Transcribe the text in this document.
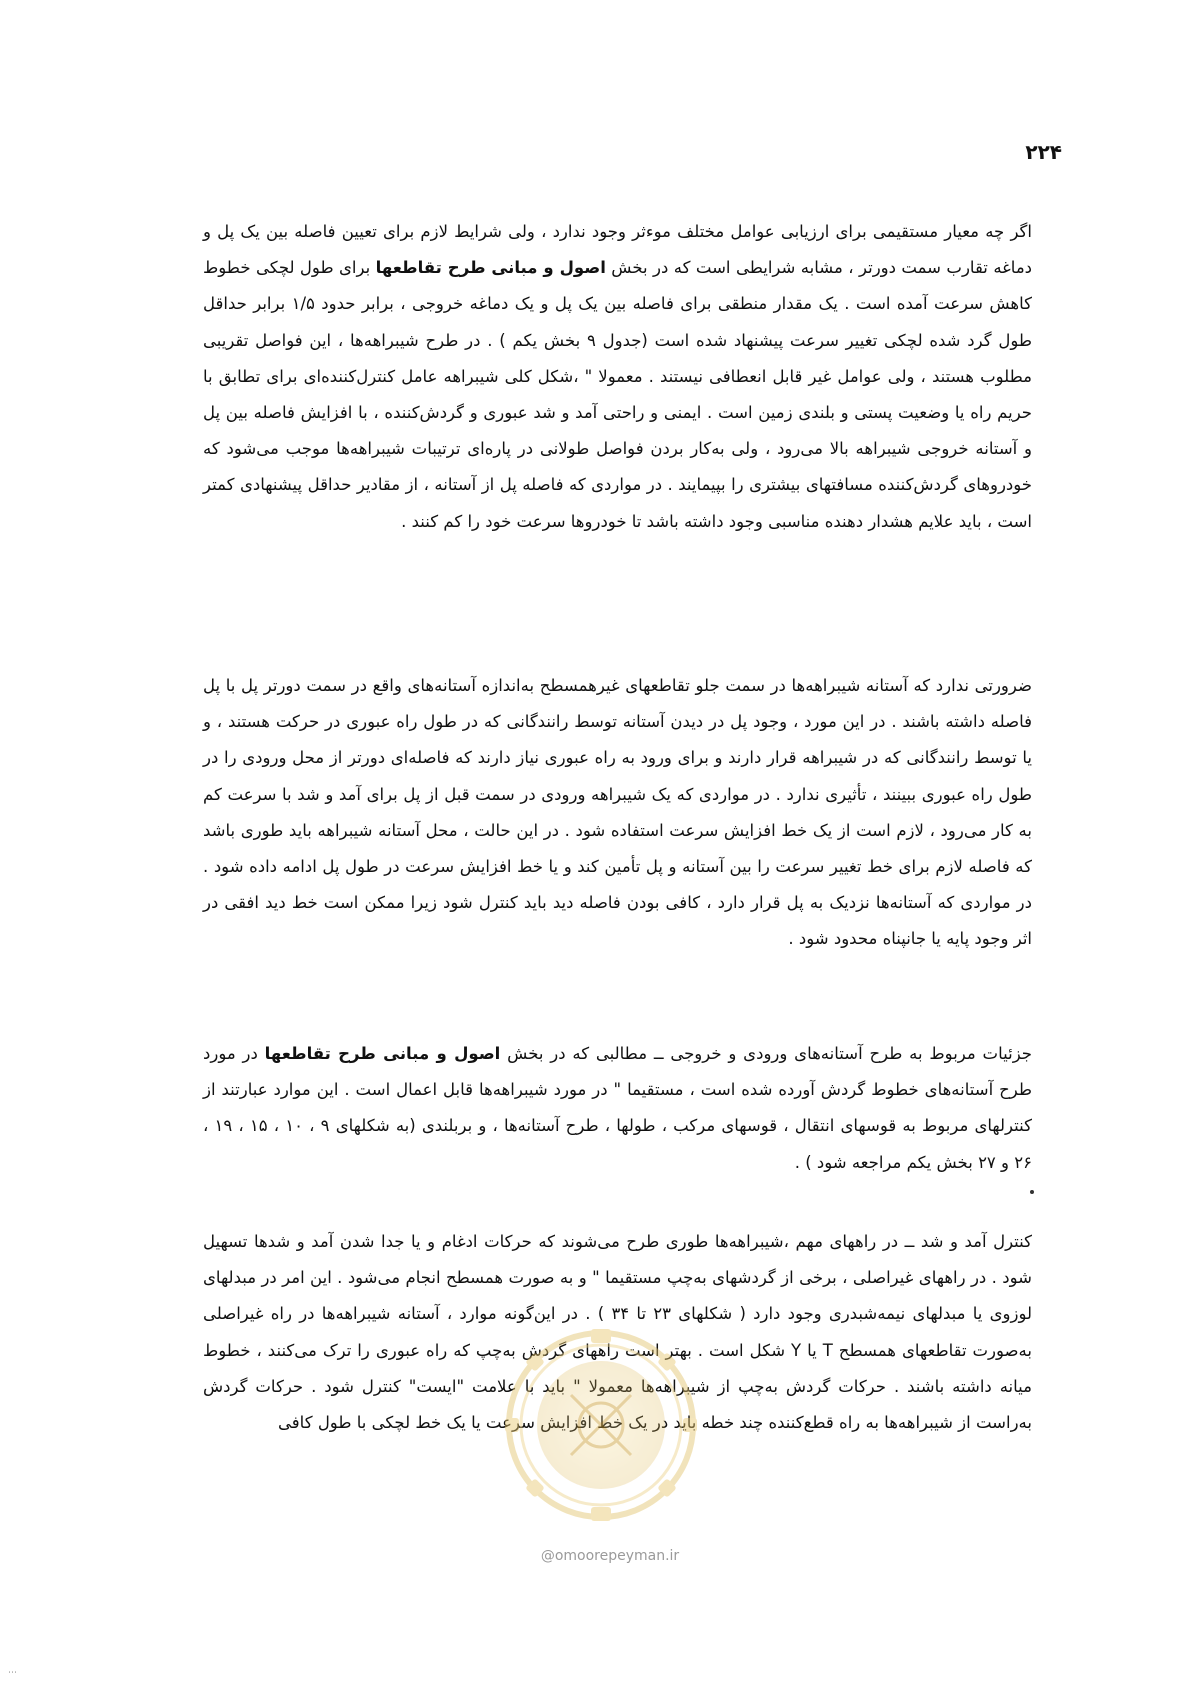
۲۲۴
اگر چه معیار مستقیمی برای ارزیابی عوامل مختلف موءثر وجود ندارد ، ولی شرایط لازم برای تعیین فاصله بین یک پل و دماغه تقارب سمت دورتر ، مشابه شرایطی است که در بخش اصول و مبانی طرح تقاطعها برای طول لچکی خطوط کاهش سرعت آمده است . یک مقدار منطقی برای فاصله بین یک پل و یک دماغه خروجی ، برابر حدود ۱/۵ برابر حداقل طول گرد شده لچکی تغییر سرعت پیشنهاد شده است (جدول ۹ بخش یکم ) . در طرح شیبراهه‌ها ، این فواصل تقریبی مطلوب هستند ، ولی عوامل غیر قابل انعطافی نیستند . معمولا " ،شکل کلی شیبراهه عامل کنترل‌کننده‌ای برای تطابق با حریم راه یا وضعیت پستی و بلندی زمین است . ایمنی و راحتی آمد و شد عبوری و گردش‌کننده ، با افزایش فاصله بین پل و آستانه خروجی شیبراهه بالا می‌رود ، ولی به‌کار بردن فواصل طولانی در پاره‌ای ترتیبات شیبراهه‌ها موجب می‌شود که خودروهای گردش‌کننده مسافتهای بیشتری را بپیمایند . در مواردی که فاصله پل از آستانه ، از مقادیر حداقل پیشنهادی کمتر است ، باید علایم هشدار دهنده مناسبی وجود داشته باشد تا خودروها سرعت خود را کم کنند .
ضرورتی ندارد که آستانه شیبراهه‌ها در سمت جلو تقاطعهای غیرهمسطح به‌اندازه آستانه‌های واقع در سمت دورتر پل با پل فاصله داشته باشند . در این مورد ، وجود پل در دیدن آستانه توسط رانندگانی که در طول راه عبوری در حرکت هستند ، و یا توسط رانندگانی که در شیبراهه قرار دارند و برای ورود به راه عبوری نیاز دارند که فاصله‌ای دورتر از محل ورودی را در طول راه عبوری ببینند ، تأثیری ندارد . در مواردی که یک شیبراهه ورودی در سمت قبل از پل برای آمد و شد با سرعت کم به کار می‌رود ، لازم است از یک خط افزایش سرعت استفاده شود . در این حالت ، محل آستانه شیبراهه باید طوری باشد که فاصله لازم برای خط تغییر سرعت را بین آستانه و پل تأمین کند و یا خط افزایش سرعت در طول پل ادامه داده شود . در مواردی که آستانه‌ها نزدیک به پل قرار دارد ، کافی بودن فاصله دید باید کنترل شود زیرا ممکن است خط دید افقی در اثر وجود پایه یا جانپناه محدود شود .
جزئیات مربوط به طرح آستانه‌های ورودی و خروجی ــ مطالبی که در بخش اصول و مبانی طرح تقاطعها در مورد طرح آستانه‌های خطوط گردش آورده شده است ، مستقیما " در مورد شیبراهه‌ها قابل اعمال است . این موارد عبارتند از کنترلهای مربوط به قوسهای انتقال ، قوسهای مرکب ، طولها ، طرح آستانه‌ها ، و بربلندی (به شکلهای ۹ ، ۱۰ ، ۱۵ ، ۱۹ ، ۲۶ و ۲۷ بخش یکم مراجعه شود ) .
کنترل آمد و شد ــ در راههای مهم ،شیبراهه‌ها طوری طرح می‌شوند که حرکات ادغام و یا جدا شدن آمد و شدها تسهیل شود . در راههای غیراصلی ، برخی از گردشهای به‌چپ مستقیما " و به صورت همسطح انجام می‌شود . این امر در مبدلهای لوزوی یا مبدلهای نیمه‌شبدری وجود دارد ( شکلهای ۲۳ تا ۳۴ ) . در این‌گونه موارد ، آستانه شیبراهه‌ها در راه غیراصلی به‌صورت تقاطعهای همسطح T یا Y شکل است . بهتر است راههای گردش به‌چپ که راه عبوری را ترک می‌کنند ، خطوط میانه داشته باشند . حرکات گردش به‌چپ از شیبراهه‌ها معمولا " باید با علامت "ایست" کنترل شود . حرکات گردش به‌راست از شیبراهه‌ها به راه قطع‌کننده چند خطه باید در یک خط افزایش سرعت یا یک خط لچکی با طول کافی
@omoorepeyman.ir
⋯
